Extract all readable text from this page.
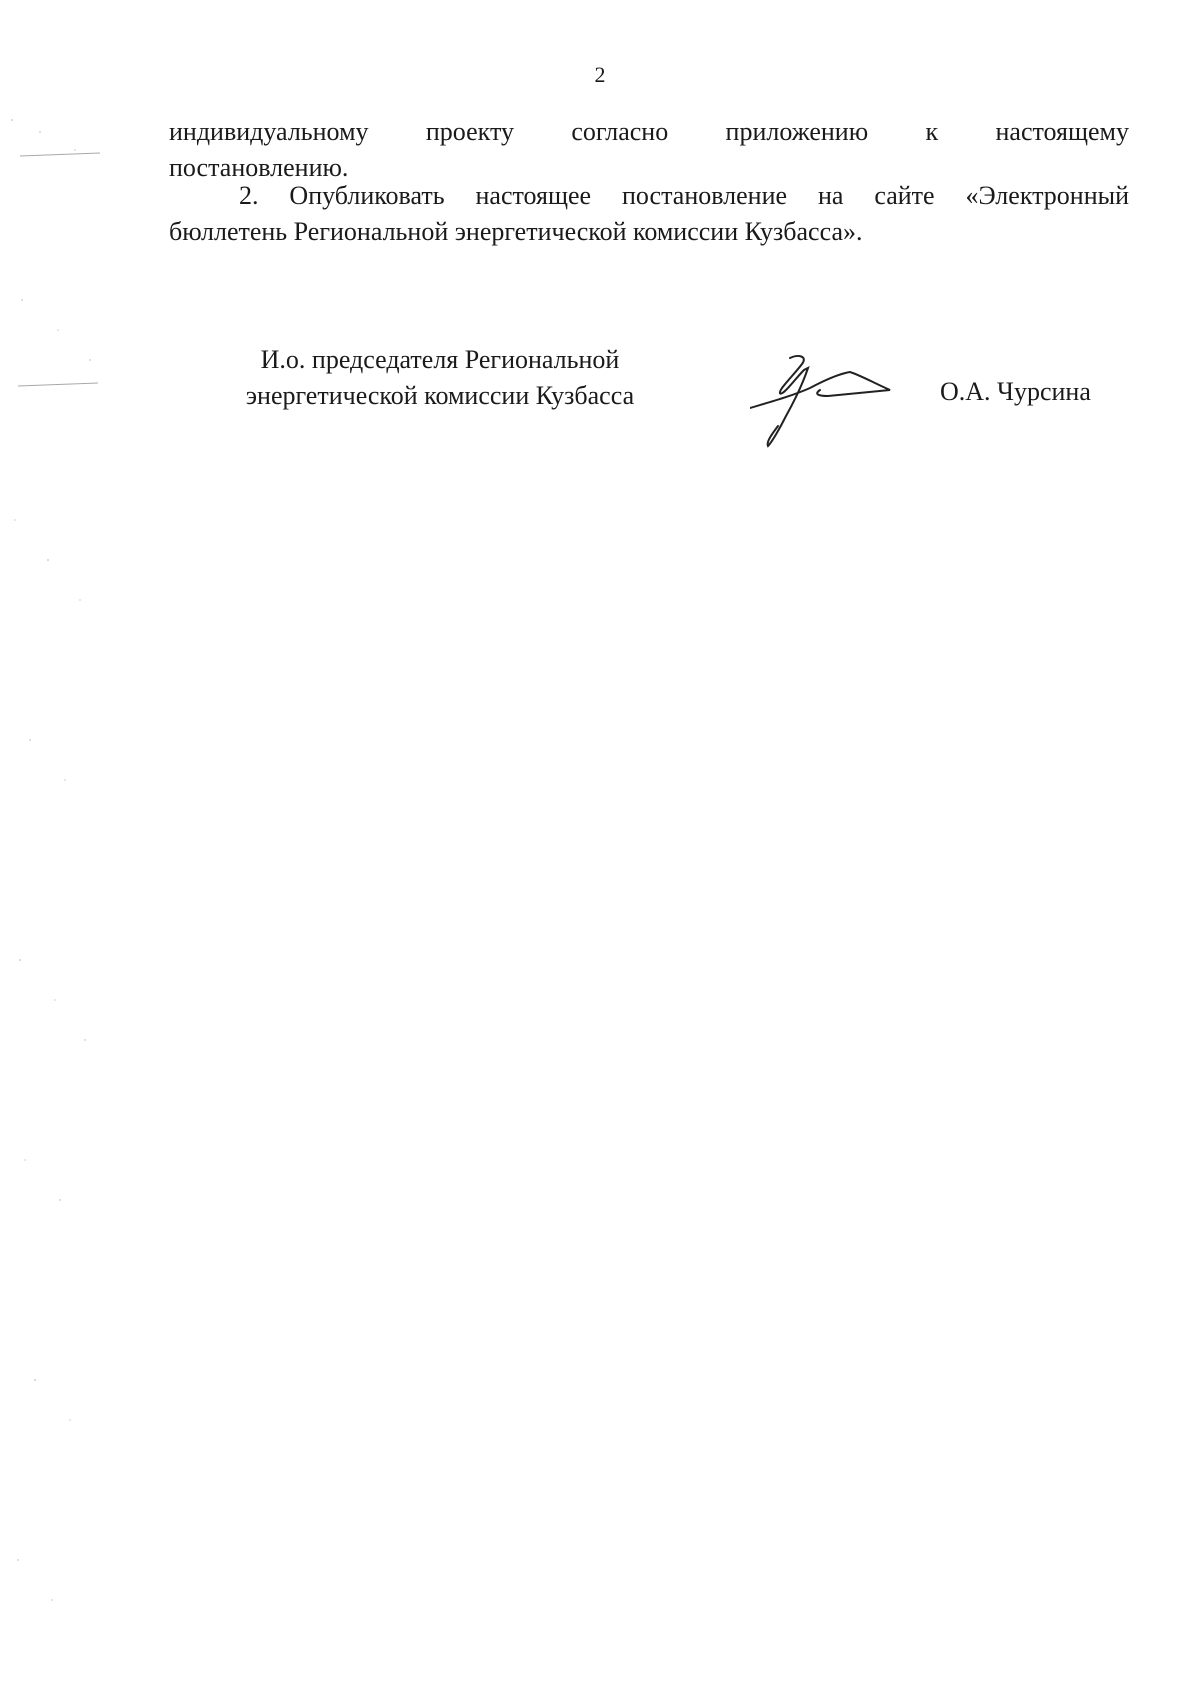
2
индивидуальному проекту согласно приложению к настоящему
постановлению.
2. Опубликовать настоящее постановление на сайте «Электронный
бюллетень Региональной энергетической комиссии Кузбасса».
И.о. председателя Региональной
энергетической комиссии Кузбасса	О.А. Чурсина
